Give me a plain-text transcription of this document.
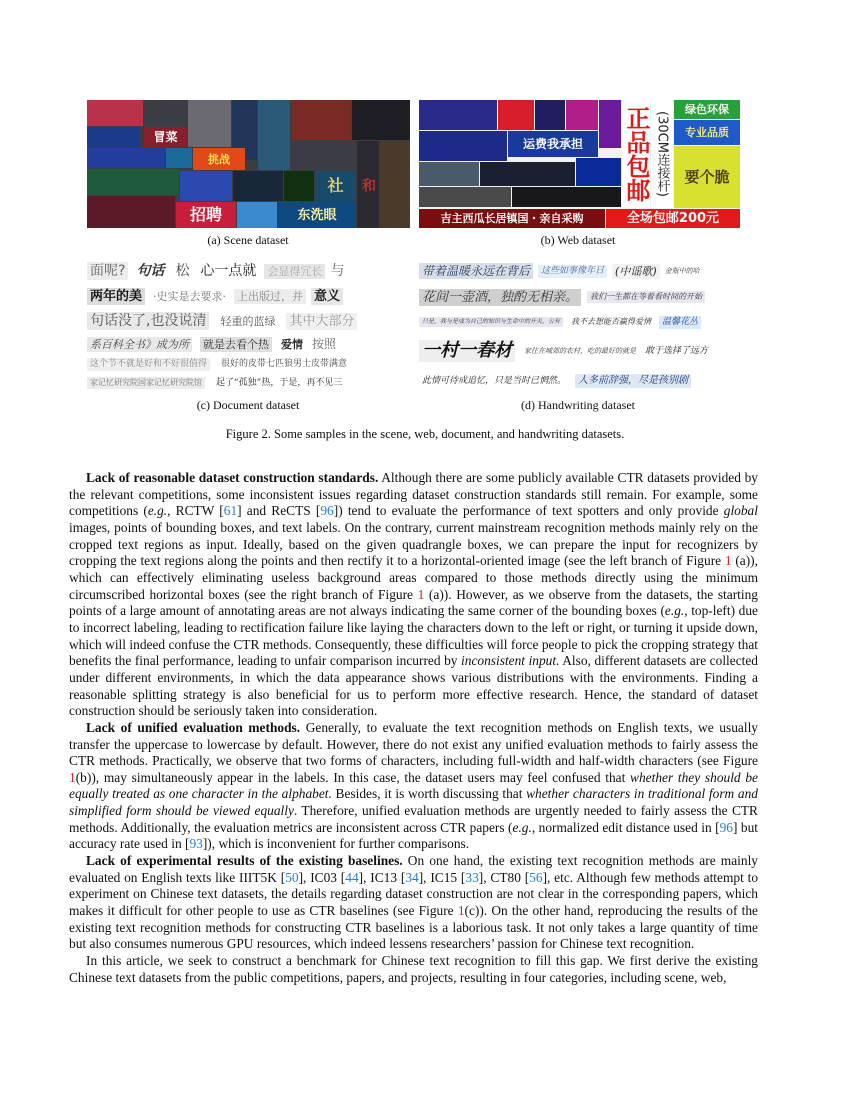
冒菜
挑战
和
社
招聘	东洗眼
(a) Scene dataset
正品包邮 (30CM连接杆)
绿色环保
专业品质
要个脆
运费我承担
吉主西瓜长居镇国・亲自采购	全场包邮200元
(b) Web dataset
面呢? 句话 松 心一点就 会显得冗长 与
两年的美 ·史实是去要求· 上出版过，并 意义
句话没了,也没说清 轻重的蓝绿 其中大部分
系百科全书》成为所 就是去看个热 爱情 按照
这个节不就是好和不好很值得	很好的皮带七匹狼男士皮带满意
家记忆研究院国家记忆研究院馆	起了“孤独”热，于是，再不见三
(c) Document dataset
带着温暖永远在背后	这些如事像年日 (中谣歌)	金瓶中的哈
花间一壶酒，独酌无相亲。	我们一生都在等着看时间的开始
只是，我与是成为自己的知识与生命中的开关，公有	我不去想能否赢得爱情	温馨花丛
一村一春材	家住在城郊的农村，吃的最好的就是	敢于选择了远方
此情可待成追忆，只是当时已惘然。	人多前辞强，尽是孩别剧
(d) Handwriting dataset
Figure 2. Some samples in the scene, web, document, and handwriting datasets.

Lack of reasonable dataset construction standards. Although there are some publicly available CTR datasets provided by the relevant competitions, some inconsistent issues regarding dataset construction standards still remain. For example, some competitions (e.g., RCTW [61] and ReCTS [96]) tend to evaluate the performance of text spotters and only provide global images, points of bounding boxes, and text labels. On the contrary, current mainstream recognition methods mainly rely on the cropped text regions as input. Ideally, based on the given quadrangle boxes, we can prepare the input for recognizers by cropping the text regions along the points and then rectify it to a horizontal-oriented image (see the left branch of Figure 1 (a)), which can effectively eliminating useless background areas compared to those methods directly using the minimum circumscribed horizontal boxes (see the right branch of Figure 1 (a)). However, as we observe from the datasets, the starting points of a large amount of annotating areas are not always indicating the same corner of the bounding boxes (e.g., top-left) due to incorrect labeling, leading to rectification failure like laying the characters down to the left or right, or turning it upside down, which will indeed confuse the CTR methods. Consequently, these difficulties will force people to pick the cropping strategy that benefits the final performance, leading to unfair comparison incurred by inconsistent input. Also, different datasets are collected under different environments, in which the data appearance shows various distributions with the environments. Finding a reasonable splitting strategy is also beneficial for us to perform more effective research. Hence, the standard of dataset construction should be seriously taken into consideration.

Lack of unified evaluation methods. Generally, to evaluate the text recognition methods on English texts, we usually transfer the uppercase to lowercase by default. However, there do not exist any unified evaluation methods to fairly assess the CTR methods. Practically, we observe that two forms of characters, including full-width and half-width characters (see Figure 1(b)), may simultaneously appear in the labels. In this case, the dataset users may feel confused that whether they should be equally treated as one character in the alphabet. Besides, it is worth discussing that whether characters in traditional form and simplified form should be viewed equally. Therefore, unified evaluation methods are urgently needed to fairly assess the CTR methods. Additionally, the evaluation metrics are inconsistent across CTR papers (e.g., normalized edit distance used in [96] but accuracy rate used in [93]), which is inconvenient for further comparisons.

Lack of experimental results of the existing baselines. On one hand, the existing text recognition methods are mainly evaluated on English texts like IIIT5K [50], IC03 [44], IC13 [34], IC15 [33], CT80 [56], etc. Although few methods attempt to experiment on Chinese text datasets, the details regarding dataset construction are not clear in the corresponding papers, which makes it difficult for other people to use as CTR baselines (see Figure 1(c)). On the other hand, reproducing the results of the existing text recognition methods for constructing CTR baselines is a laborious task. It not only takes a large quantity of time but also consumes numerous GPU resources, which indeed lessens researchers’ passion for Chinese text recognition.

In this article, we seek to construct a benchmark for Chinese text recognition to fill this gap. We first derive the existing Chinese text datasets from the public competitions, papers, and projects, resulting in four categories, including scene, web,
